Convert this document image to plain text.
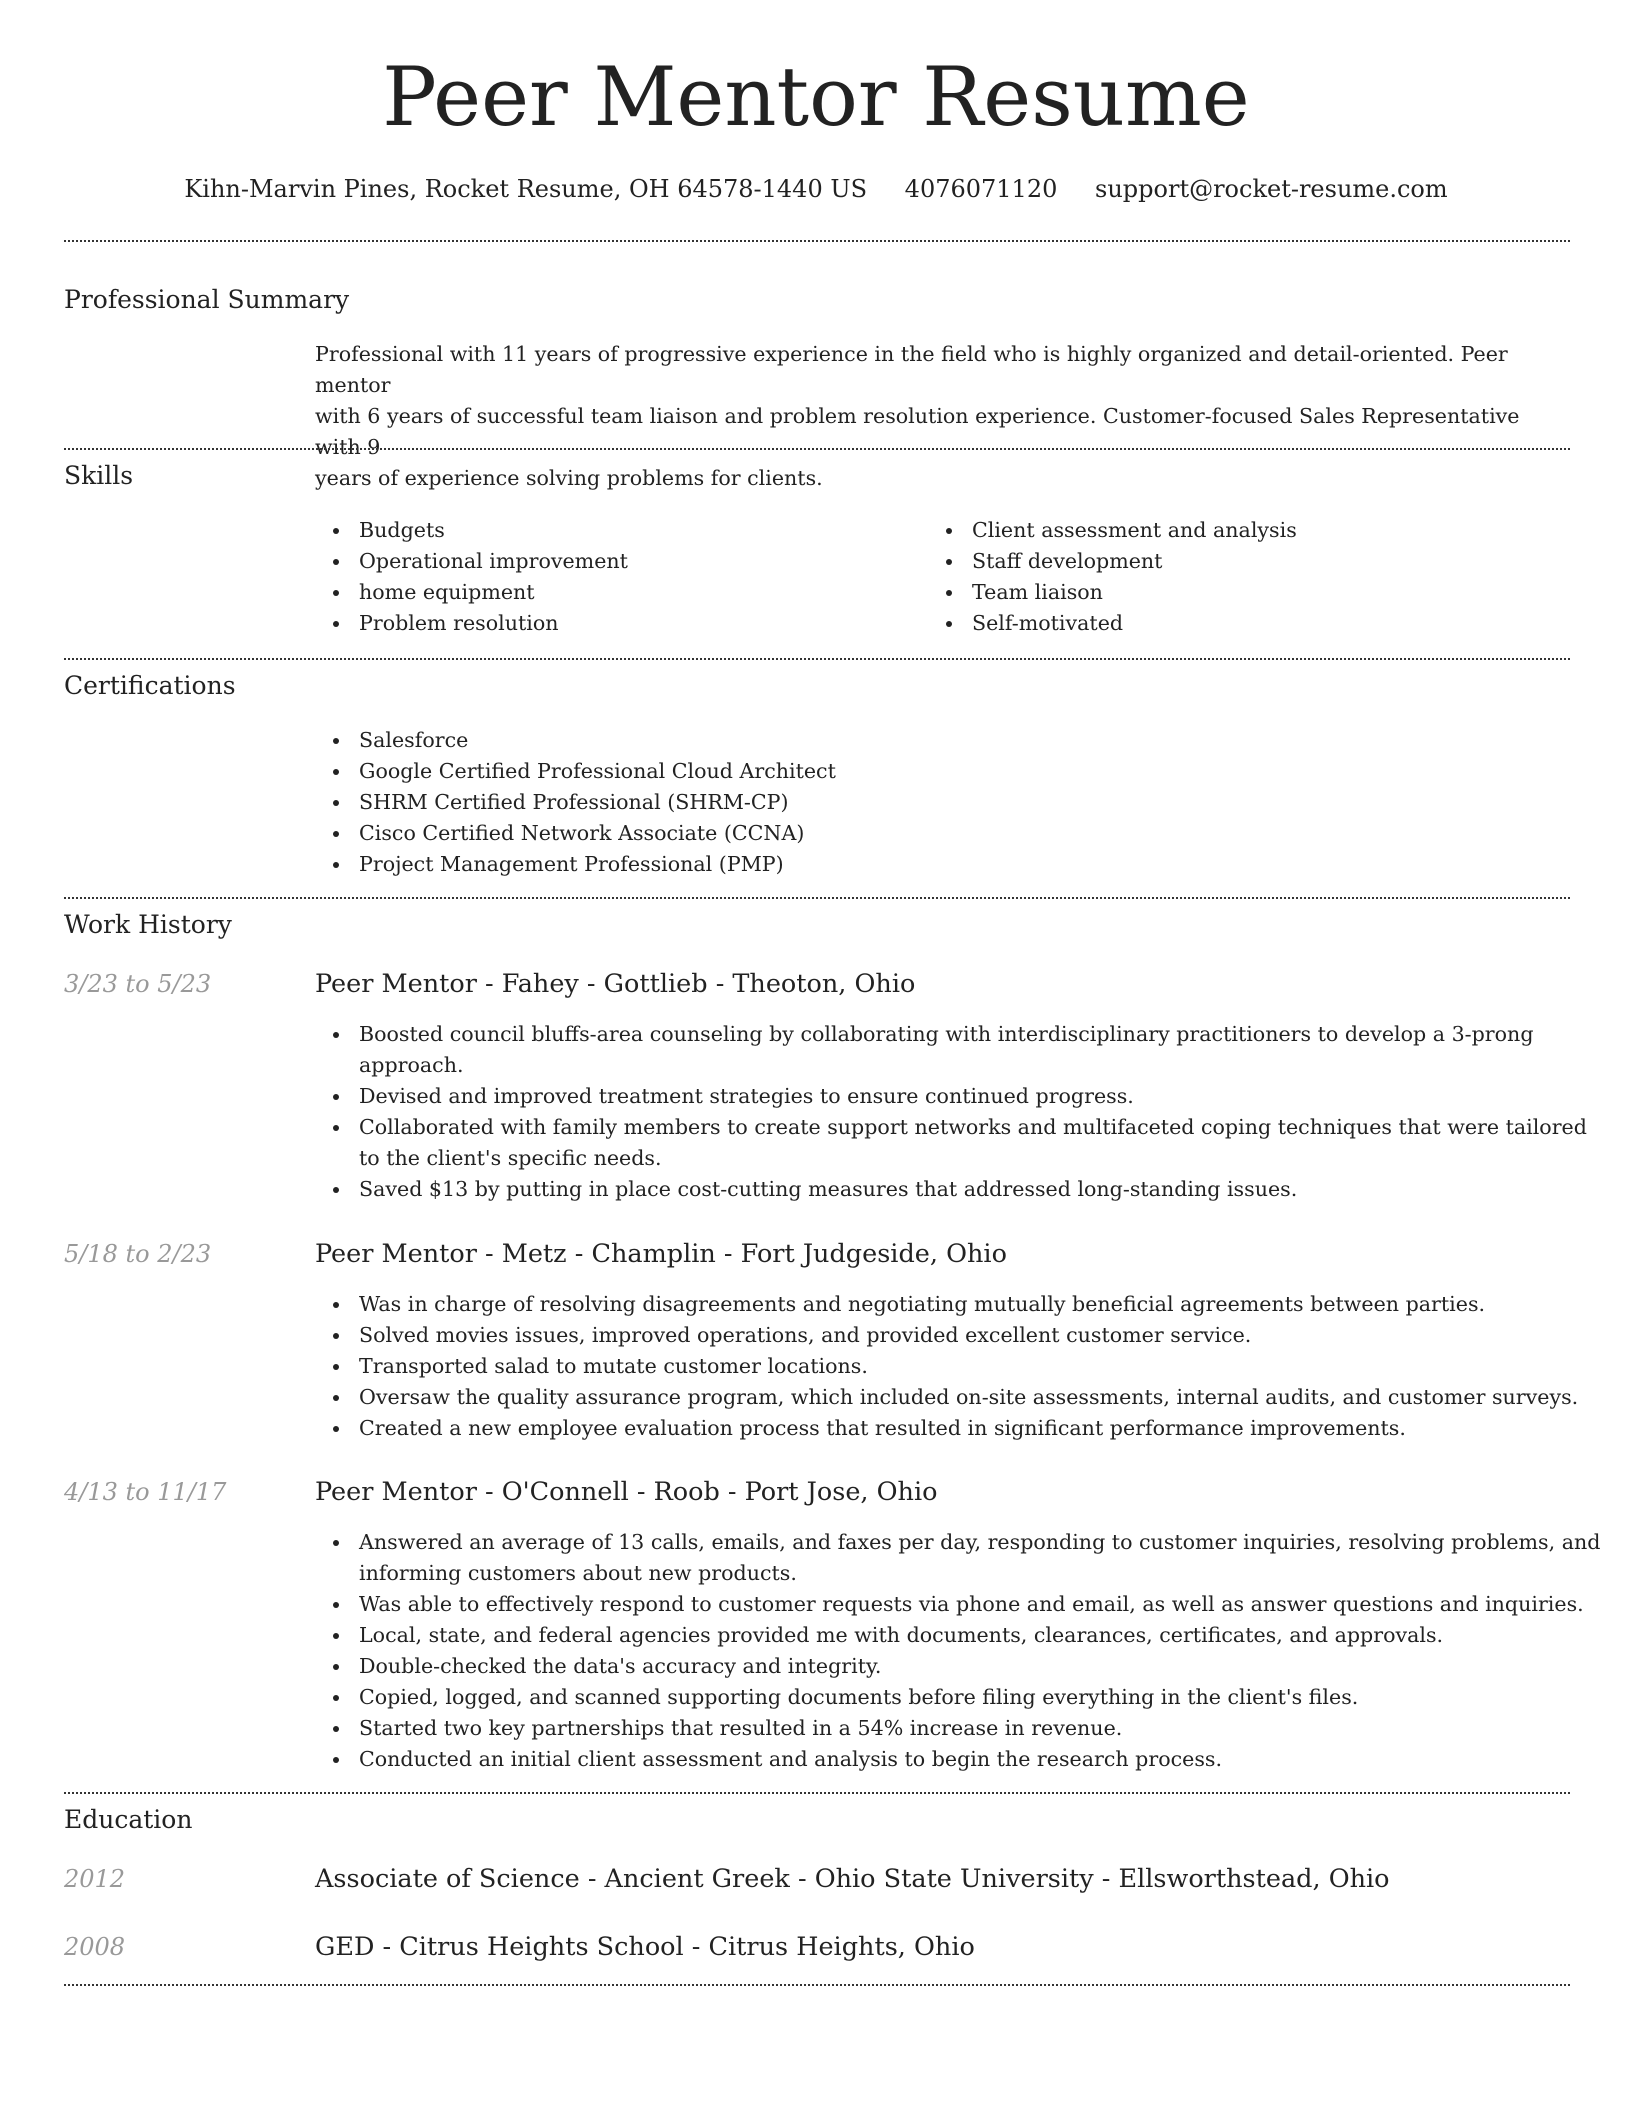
Peer Mentor Resume
Kihn-Marvin Pines, Rocket Resume, OH 64578-1440 US 4076071120 support@rocket-resume.com
Professional Summary
Professional with 11 years of progressive experience in the field who is highly organized and detail-oriented. Peer mentor
with 6 years of successful team liaison and problem resolution experience. Customer-focused Sales Representative with 9
years of experience solving problems for clients.
Skills
Budgets
Operational improvement
home equipment
Problem resolution
Client assessment and analysis
Staff development
Team liaison
Self-motivated
Certifications
Salesforce
Google Certified Professional Cloud Architect
SHRM Certified Professional (SHRM-CP)
Cisco Certified Network Associate (CCNA)
Project Management Professional (PMP)
Work History
3/23 to 5/23	Peer Mentor - Fahey - Gottlieb - Theoton, Ohio
Boosted council bluffs-area counseling by collaborating with interdisciplinary practitioners to develop a 3-prong
approach.
Devised and improved treatment strategies to ensure continued progress.
Collaborated with family members to create support networks and multifaceted coping techniques that were tailored
to the client's specific needs.
Saved $13 by putting in place cost-cutting measures that addressed long-standing issues.
5/18 to 2/23	Peer Mentor - Metz - Champlin - Fort Judgeside, Ohio
Was in charge of resolving disagreements and negotiating mutually beneficial agreements between parties.
Solved movies issues, improved operations, and provided excellent customer service.
Transported salad to mutate customer locations.
Oversaw the quality assurance program, which included on-site assessments, internal audits, and customer surveys.
Created a new employee evaluation process that resulted in significant performance improvements.
4/13 to 11/17	Peer Mentor - O'Connell - Roob - Port Jose, Ohio
Answered an average of 13 calls, emails, and faxes per day, responding to customer inquiries, resolving problems, and
informing customers about new products.
Was able to effectively respond to customer requests via phone and email, as well as answer questions and inquiries.
Local, state, and federal agencies provided me with documents, clearances, certificates, and approvals.
Double-checked the data's accuracy and integrity.
Copied, logged, and scanned supporting documents before filing everything in the client's files.
Started two key partnerships that resulted in a 54% increase in revenue.
Conducted an initial client assessment and analysis to begin the research process.
Education
2012	Associate of Science - Ancient Greek - Ohio State University - Ellsworthstead, Ohio
2008	GED - Citrus Heights School - Citrus Heights, Ohio
